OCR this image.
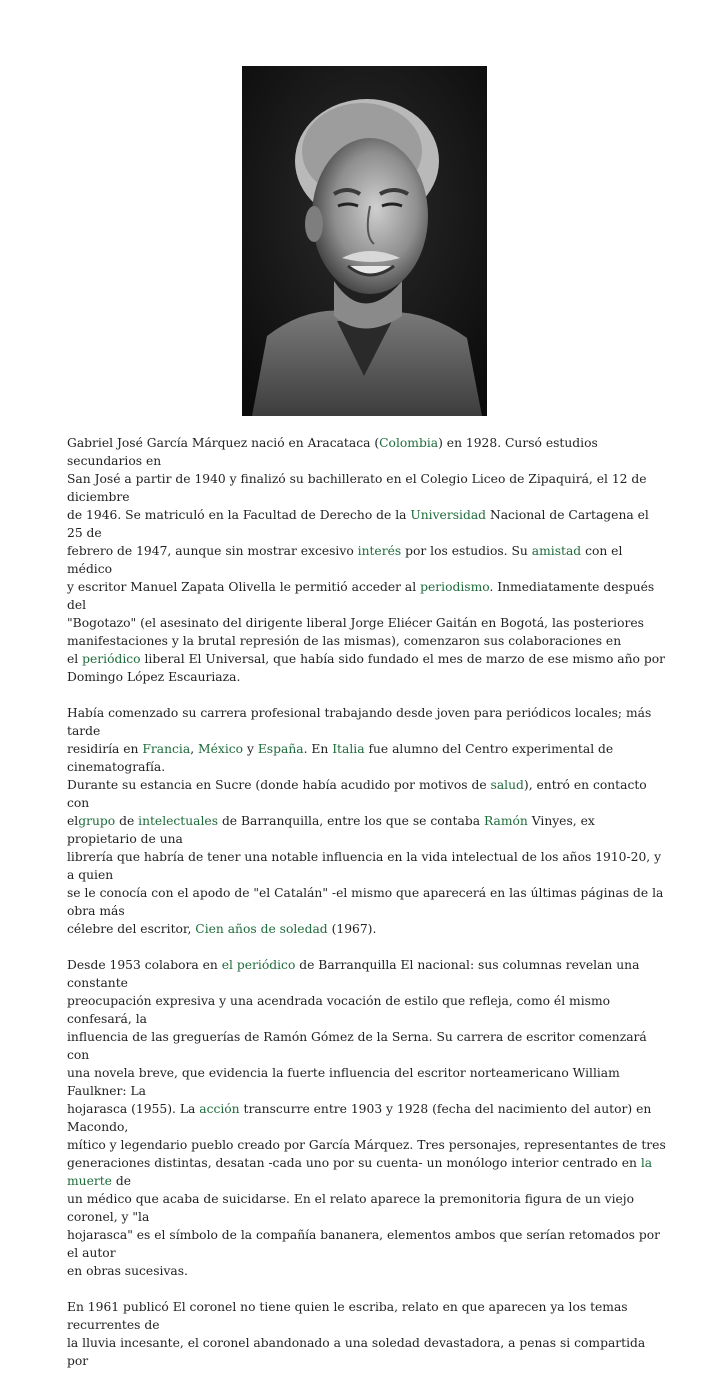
Gabriel José García Márquez nació en Aracataca (Colombia) en 1928. Cursó estudios secundarios en
San José a partir de 1940 y finalizó su bachillerato en el Colegio Liceo de Zipaquirá, el 12 de diciembre
de 1946. Se matriculó en la Facultad de Derecho de la Universidad Nacional de Cartagena el 25 de
febrero de 1947, aunque sin mostrar excesivo interés por los estudios. Su amistad con el médico
y escritor Manuel Zapata Olivella le permitió acceder al periodismo. Inmediatamente después del
"Bogotazo" (el asesinato del dirigente liberal Jorge Eliécer Gaitán en Bogotá, las posteriores
manifestaciones y la brutal represión de las mismas), comenzaron sus colaboraciones en
el periódico liberal El Universal, que había sido fundado el mes de marzo de ese mismo año por
Domingo López Escauriaza.

Había comenzado su carrera profesional trabajando desde joven para periódicos locales; más tarde
residiría en Francia, México y España. En Italia fue alumno del Centro experimental de cinematografía.
Durante su estancia en Sucre (donde había acudido por motivos de salud), entró en contacto con
elgrupo de intelectuales de Barranquilla, entre los que se contaba Ramón Vinyes, ex propietario de una
librería que habría de tener una notable influencia en la vida intelectual de los años 1910-20, y a quien
se le conocía con el apodo de "el Catalán" -el mismo que aparecerá en las últimas páginas de la obra más
célebre del escritor, Cien años de soledad (1967).

Desde 1953 colabora en el periódico de Barranquilla El nacional: sus columnas revelan una constante
preocupación expresiva y una acendrada vocación de estilo que refleja, como él mismo confesará, la
influencia de las greguerías de Ramón Gómez de la Serna. Su carrera de escritor comenzará con
una novela breve, que evidencia la fuerte influencia del escritor norteamericano William Faulkner: La
hojarasca (1955). La acción transcurre entre 1903 y 1928 (fecha del nacimiento del autor) en Macondo,
mítico y legendario pueblo creado por García Márquez. Tres personajes, representantes de tres
generaciones distintas, desatan -cada uno por su cuenta- un monólogo interior centrado en la muerte de
un médico que acaba de suicidarse. En el relato aparece la premonitoria figura de un viejo coronel, y "la
hojarasca" es el símbolo de la compañía bananera, elementos ambos que serían retomados por el autor
en obras sucesivas.

En 1961 publicó El coronel no tiene quien le escriba, relato en que aparecen ya los temas recurrentes de
la lluvia incesante, el coronel abandonado a una soledad devastadora, a penas si compartida por
